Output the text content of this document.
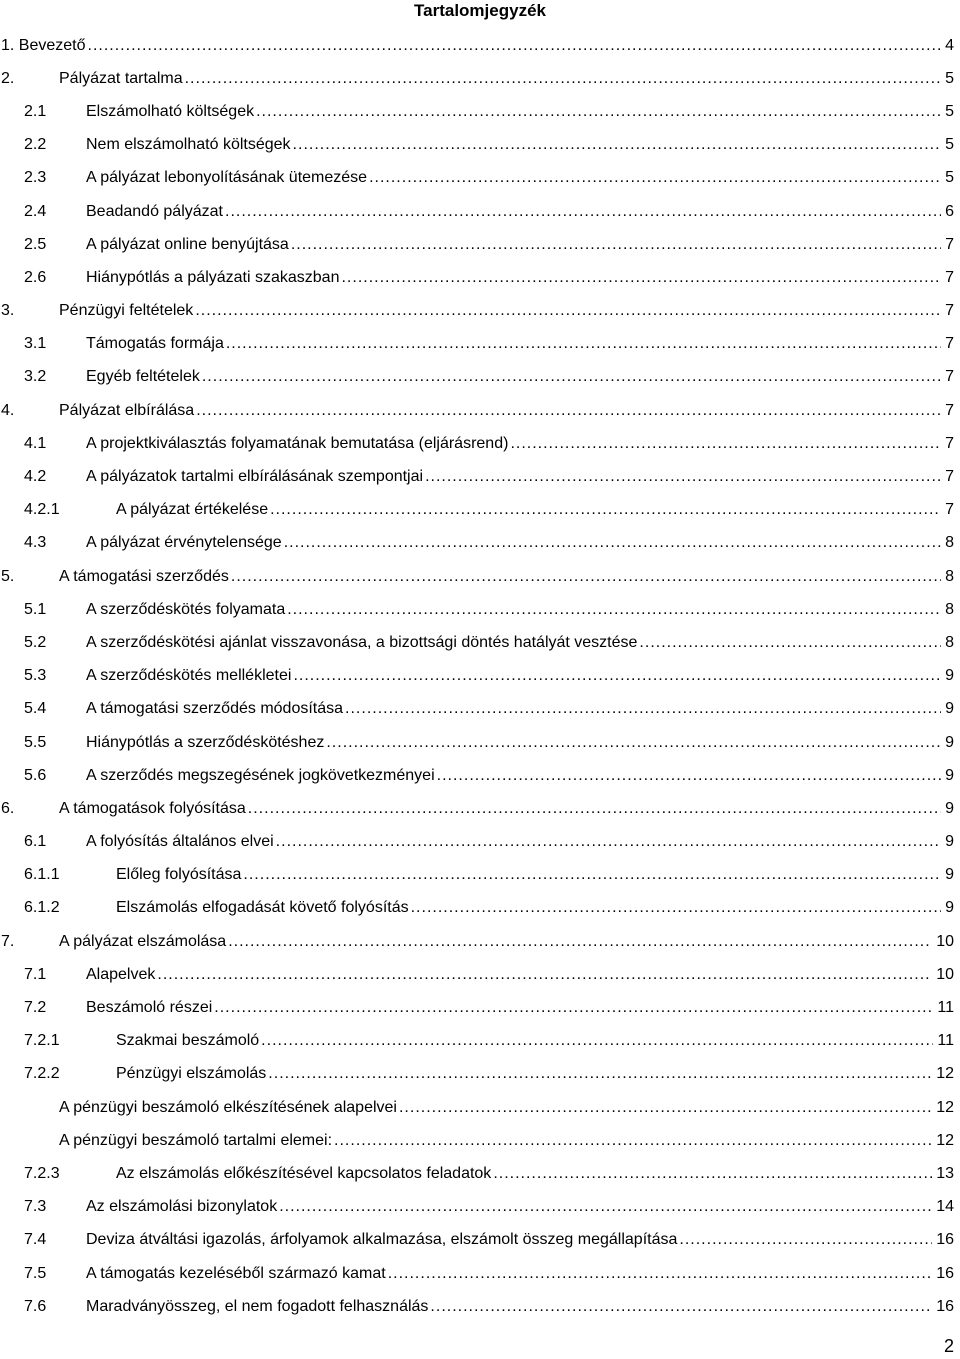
Tartalomjegyzék
1. Bevezető .....	4
2.	Pályázat tartalma .....	5
2.1 Elszámolható költségek .....	5
2.2 Nem elszámolható költségek .....	5
2.3 A pályázat lebonyolításának ütemezése .....	5
2.4 Beadandó pályázat .....	6
2.5 A pályázat online benyújtása .....	7
2.6 Hiánypótlás a pályázati szakaszban .....	7
3.	Pénzügyi feltételek .....	7
3.1 Támogatás formája .....	7
3.2 Egyéb feltételek .....	7
4.	Pályázat elbírálása .....	7
4.1 A projektkiválasztás folyamatának bemutatása (eljárásrend) .....	7
4.2 A pályázatok tartalmi elbírálásának szempontjai .....	7
4.2.1	A pályázat értékelése .....	7
4.3 A pályázat érvénytelensége .....	8
5.	A támogatási szerződés .....	8
5.1 A szerződéskötés folyamata .....	8
5.2 A szerződéskötési ajánlat visszavonása, a bizottsági döntés hatályát vesztése .....	8
5.3 A szerződéskötés mellékletei .....	9
5.4 A támogatási szerződés módosítása .....	9
5.5 Hiánypótlás a szerződéskötéshez .....	9
5.6 A szerződés megszegésének jogkövetkezményei .....	9
6.	A támogatások folyósítása .....	9
6.1 A folyósítás általános elvei .....	9
6.1.1	Előleg folyósítása .....	9
6.1.2	Elszámolás elfogadását követő folyósítás .....	9
7.	A pályázat elszámolása .....	10
7.1 Alapelvek .....	10
7.2 Beszámoló részei .....	11
7.2.1	Szakmai beszámoló .....	11
7.2.2	Pénzügyi elszámolás .....	12
A pénzügyi beszámoló elkészítésének alapelvei .....	12
A pénzügyi beszámoló tartalmi elemei: .....	12
7.2.3	Az elszámolás előkészítésével kapcsolatos feladatok .....	13
7.3 Az elszámolási bizonylatok .....	14
7.4 Deviza átváltási igazolás, árfolyamok alkalmazása, elszámolt összeg megállapítása .....	16
7.5 A támogatás kezeléséből származó kamat .....	16
7.6 Maradványösszeg, el nem fogadott felhasználás .....	16
2
